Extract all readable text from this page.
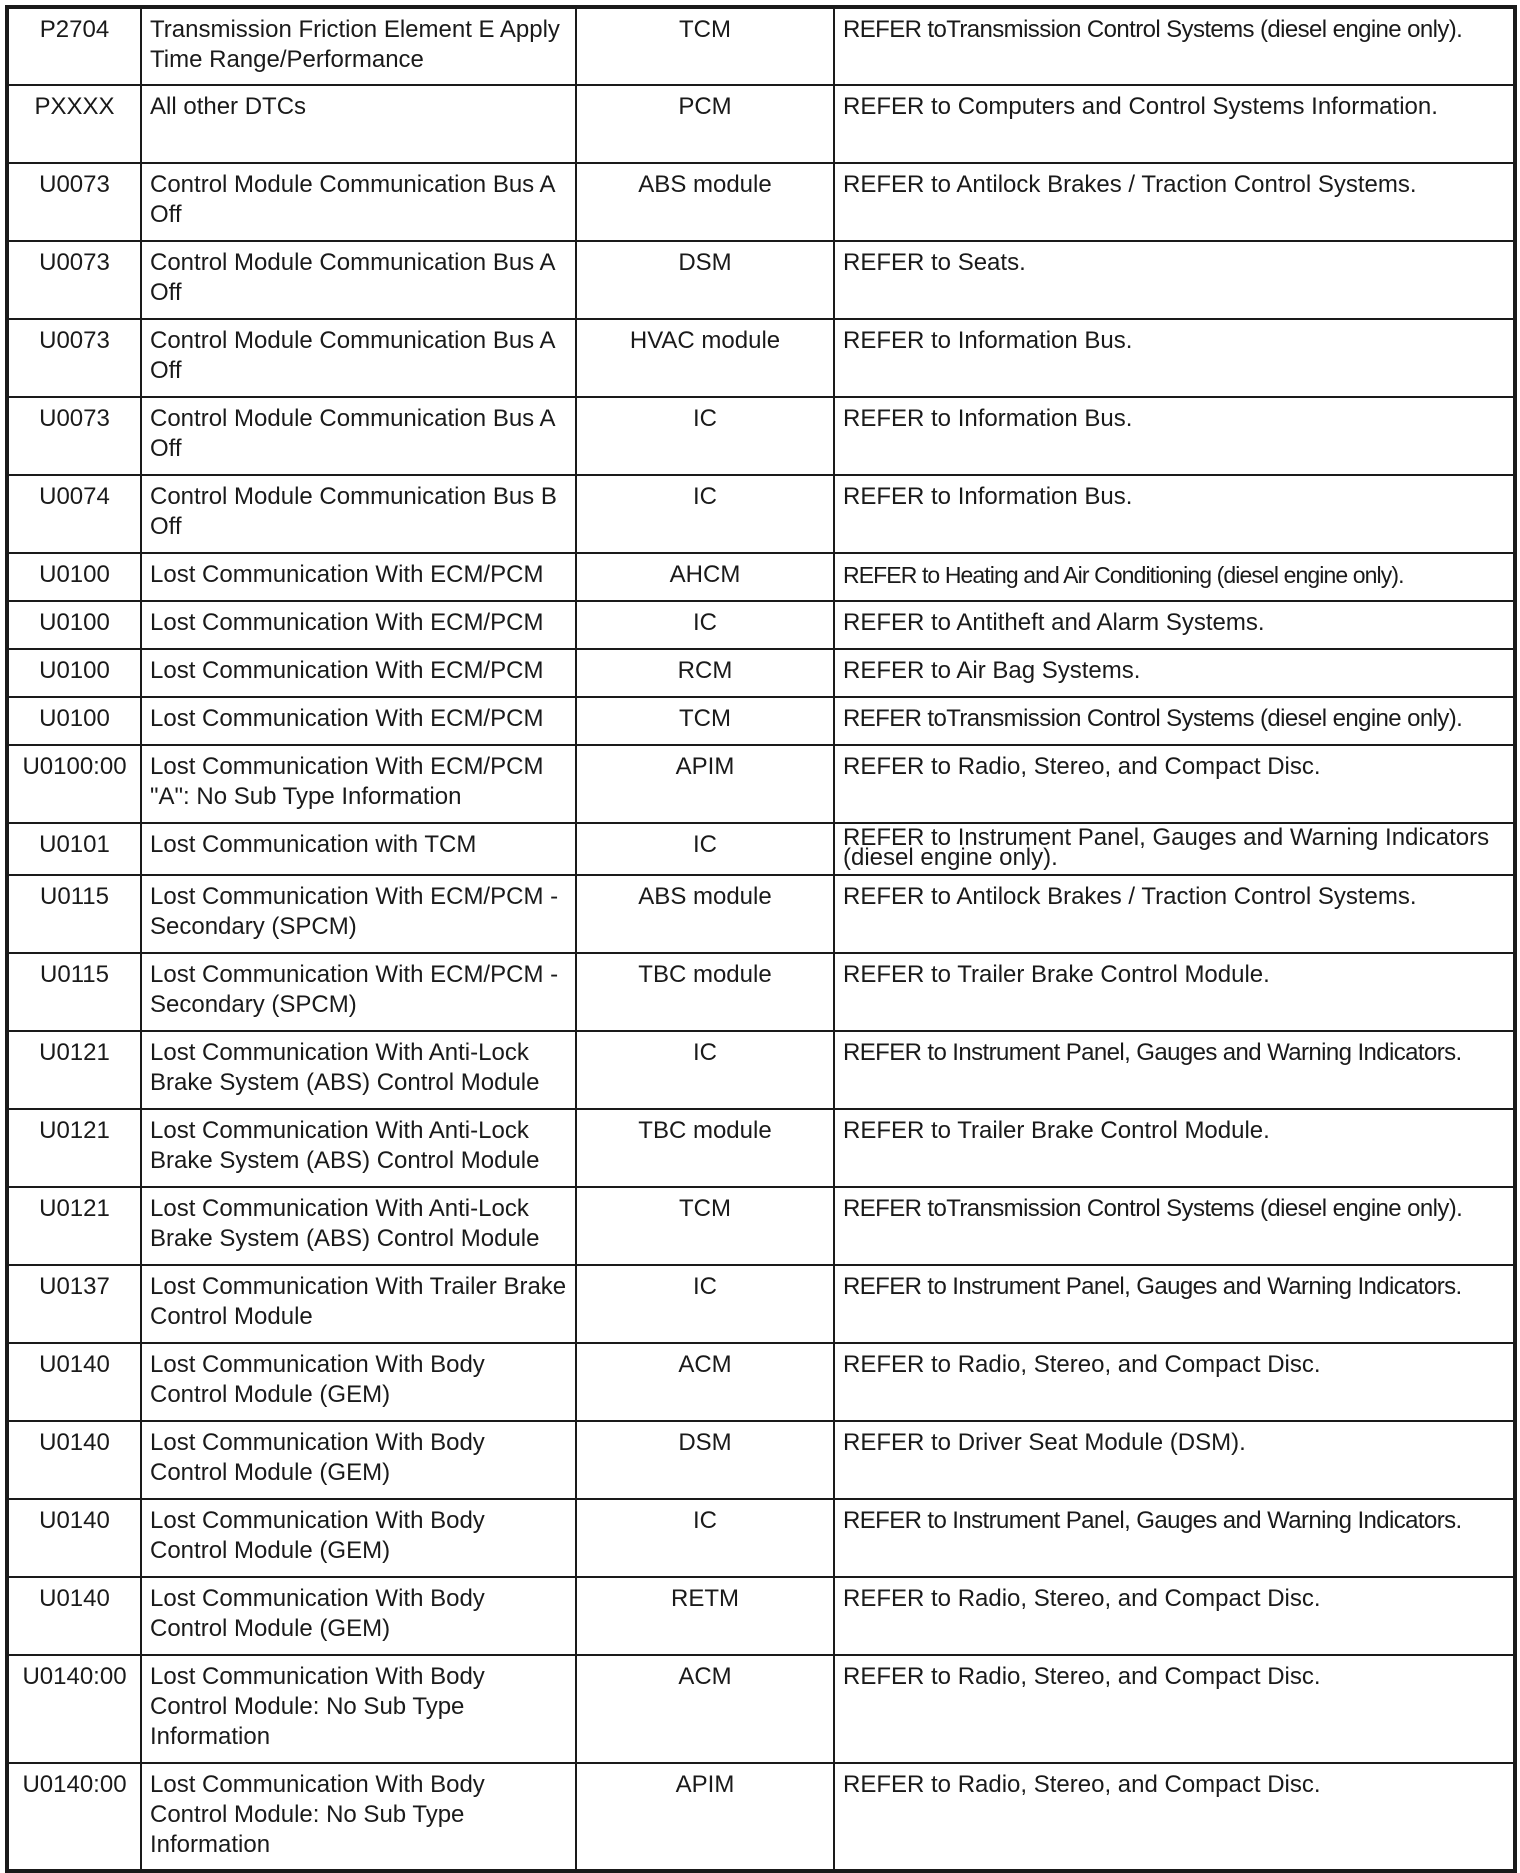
P2704	Transmission Friction Element E Apply Time Range/Performance	TCM	REFER toTransmission Control Systems (diesel engine only).
PXXXX	All other DTCs	PCM	REFER to Computers and Control Systems Information.
U0073	Control Module Communication Bus A Off	ABS module	REFER to Antilock Brakes / Traction Control Systems.
U0073	Control Module Communication Bus A Off	DSM	REFER to Seats.
U0073	Control Module Communication Bus A Off	HVAC module	REFER to Information Bus.
U0073	Control Module Communication Bus A Off	IC	REFER to Information Bus.
U0074	Control Module Communication Bus B Off	IC	REFER to Information Bus.
U0100	Lost Communication With ECM/PCM	AHCM	REFER to Heating and Air Conditioning (diesel engine only).
U0100	Lost Communication With ECM/PCM	IC	REFER to Antitheft and Alarm Systems.
U0100	Lost Communication With ECM/PCM	RCM	REFER to Air Bag Systems.
U0100	Lost Communication With ECM/PCM	TCM	REFER toTransmission Control Systems (diesel engine only).
U0100:00	Lost Communication With ECM/PCM "A": No Sub Type Information	APIM	REFER to Radio, Stereo, and Compact Disc.
U0101	Lost Communication with TCM	IC	REFER to Instrument Panel, Gauges and Warning Indicators (diesel engine only).
U0115	Lost Communication With ECM/PCM - Secondary (SPCM)	ABS module	REFER to Antilock Brakes / Traction Control Systems.
U0115	Lost Communication With ECM/PCM - Secondary (SPCM)	TBC module	REFER to Trailer Brake Control Module.
U0121	Lost Communication With Anti-Lock Brake System (ABS) Control Module	IC	REFER to Instrument Panel, Gauges and Warning Indicators.
U0121	Lost Communication With Anti-Lock Brake System (ABS) Control Module	TBC module	REFER to Trailer Brake Control Module.
U0121	Lost Communication With Anti-Lock Brake System (ABS) Control Module	TCM	REFER toTransmission Control Systems (diesel engine only).
U0137	Lost Communication With Trailer Brake Control Module	IC	REFER to Instrument Panel, Gauges and Warning Indicators.
U0140	Lost Communication With Body Control Module (GEM)	ACM	REFER to Radio, Stereo, and Compact Disc.
U0140	Lost Communication With Body Control Module (GEM)	DSM	REFER to Driver Seat Module (DSM).
U0140	Lost Communication With Body Control Module (GEM)	IC	REFER to Instrument Panel, Gauges and Warning Indicators.
U0140	Lost Communication With Body Control Module (GEM)	RETM	REFER to Radio, Stereo, and Compact Disc.
U0140:00	Lost Communication With Body Control Module: No Sub Type Information	ACM	REFER to Radio, Stereo, and Compact Disc.
U0140:00	Lost Communication With Body Control Module: No Sub Type Information	APIM	REFER to Radio, Stereo, and Compact Disc.
